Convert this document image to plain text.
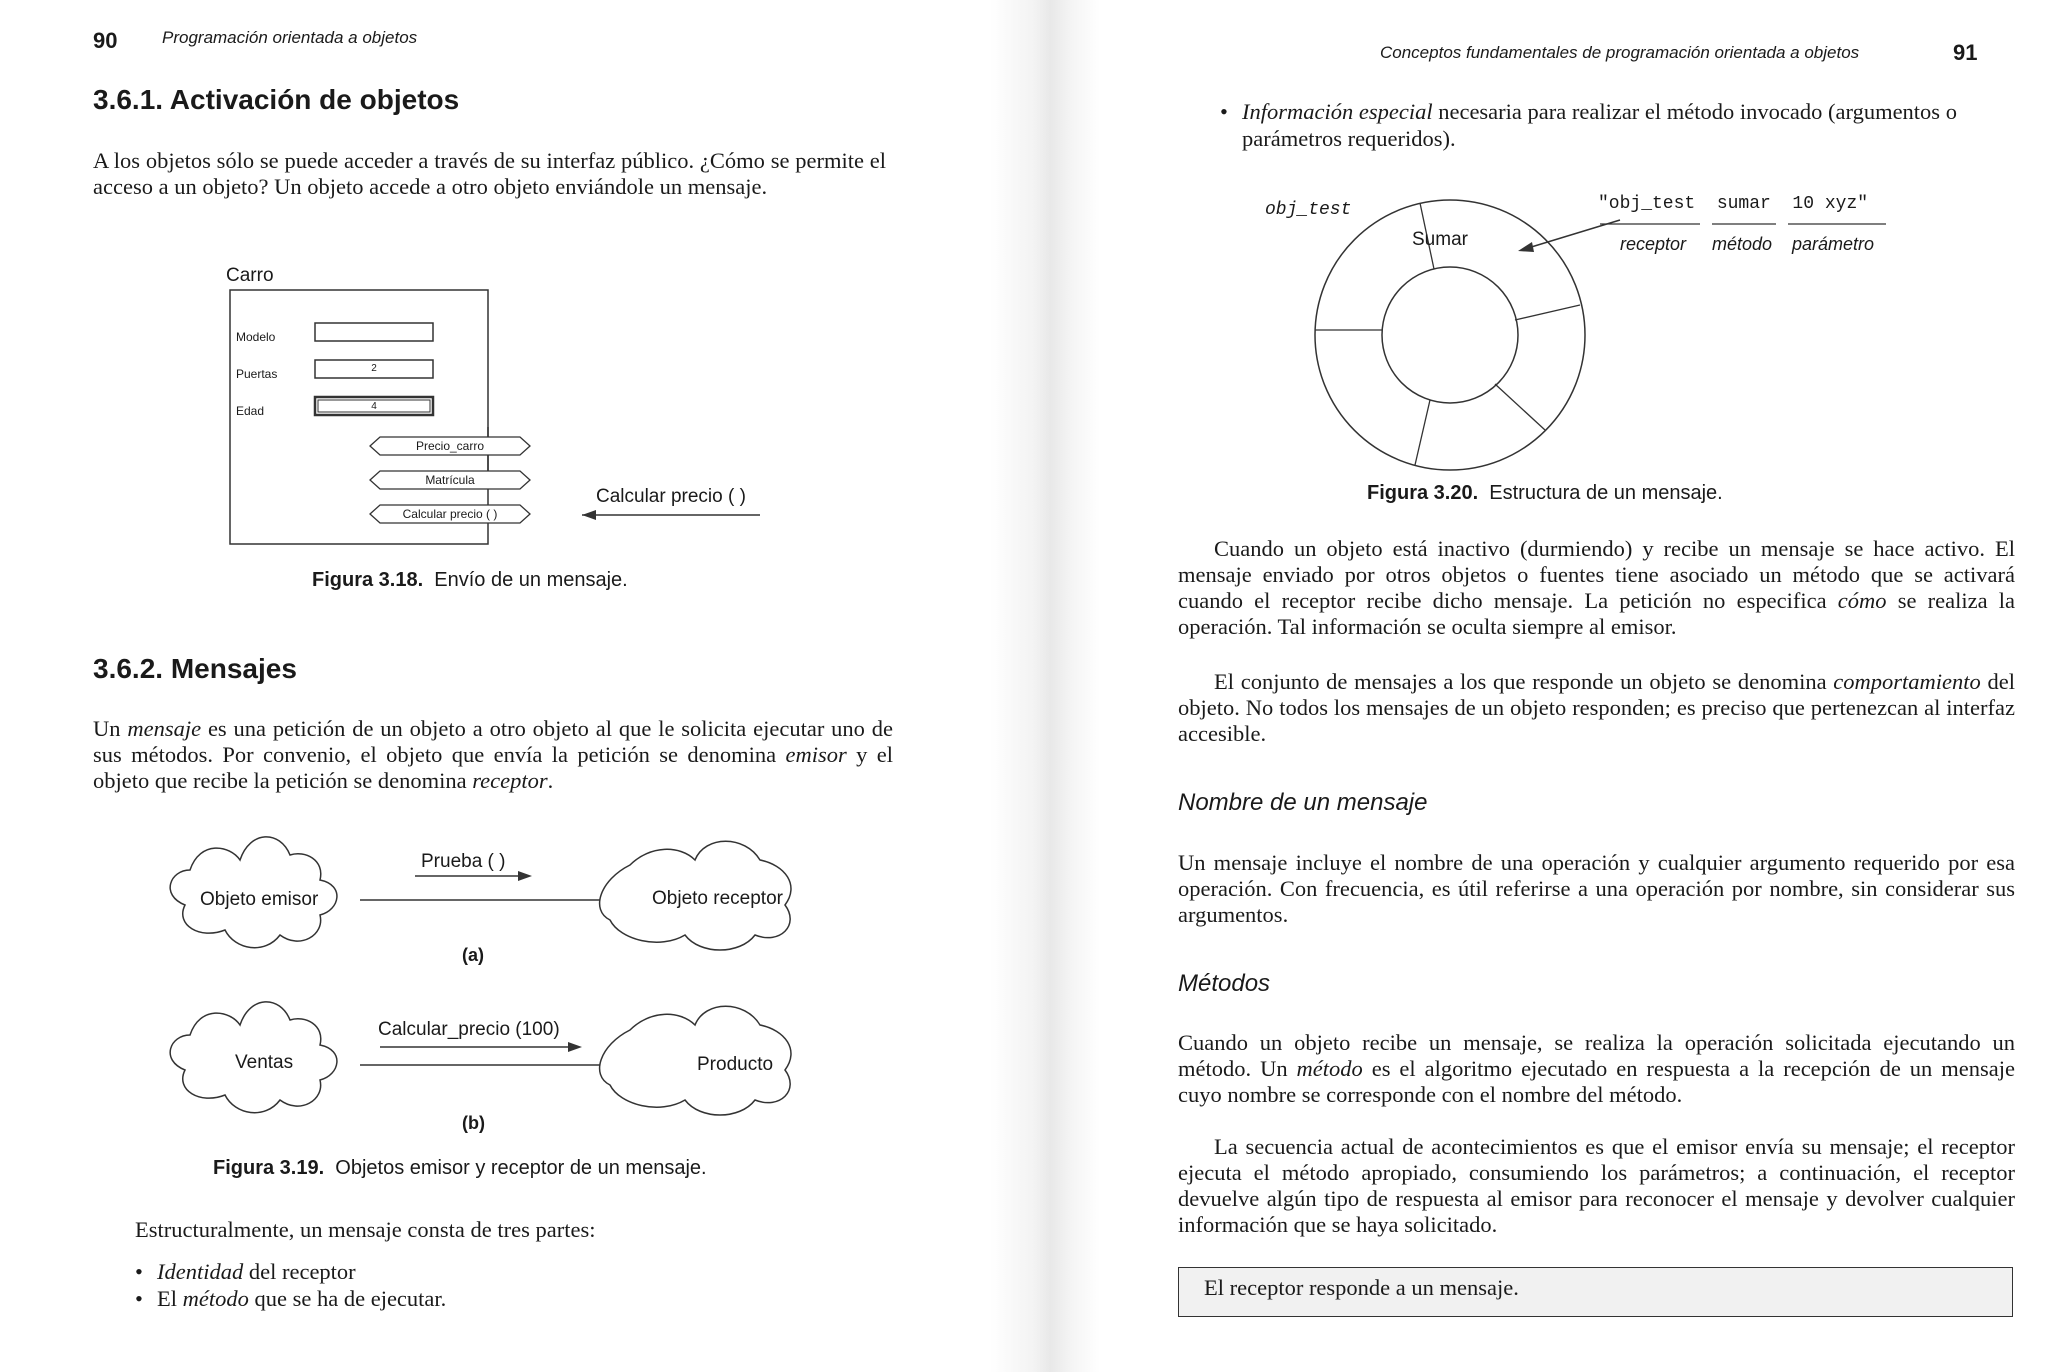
90	Programación orientada a objetos
3.6.1. Activación de objetos

A los objetos sólo se puede acceder a través de su interfaz público. ¿Cómo se permite el acceso a un objeto? Un objeto accede a otro objeto enviándole un mensaje.

Carro
Modelo
Puertas
Edad
2
4
Precio_carro
Matrícula
Calcular precio ( )
Calcular precio ( )
Figura 3.18. Envío de un mensaje.
3.6.2. Mensajes

Un mensaje es una petición de un objeto a otro objeto al que le solicita ejecutar uno de sus métodos. Por convenio, el objeto que envía la petición se denomina emisor y el objeto que recibe la petición se denomina receptor.

Objeto emisor
Prueba ( )
Objeto receptor
(a)
Ventas
Calcular_precio (100)
Producto
(b)
Figura 3.19. Objetos emisor y receptor de un mensaje.

Estructuralmente, un mensaje consta de tres partes:

• Identidad del receptor
• El método que se ha de ejecutar.
Conceptos fundamentales de programación orientada a objetos	91
• Información especial necesaria para realizar el método invocado (argumentos o parámetros requeridos).
obj_test
Sumar
"obj_test  sumar  10 xyz"
receptor método parámetro
Figura 3.20. Estructura de un mensaje.

Cuando un objeto está inactivo (durmiendo) y recibe un mensaje se hace activo. El mensaje enviado por otros objetos o fuentes tiene asociado un método que se activará cuando el receptor recibe dicho mensaje. La petición no especifica cómo se realiza la operación. Tal información se oculta siempre al emisor.

El conjunto de mensajes a los que responde un objeto se denomina comportamiento del objeto. No todos los mensajes de un objeto responden; es preciso que pertenezcan al interfaz accesible.

Nombre de un mensaje

Un mensaje incluye el nombre de una operación y cualquier argumento requerido por esa operación. Con frecuencia, es útil referirse a una operación por nombre, sin considerar sus argumentos.

Métodos

Cuando un objeto recibe un mensaje, se realiza la operación solicitada ejecutando un método. Un método es el algoritmo ejecutado en respuesta a la recepción de un mensaje cuyo nombre se corresponde con el nombre del método.

La secuencia actual de acontecimientos es que el emisor envía su mensaje; el receptor ejecuta el método apropiado, consumiendo los parámetros; a continuación, el receptor devuelve algún tipo de respuesta al emisor para reconocer el mensaje y devolver cualquier información que se haya solicitado.

El receptor responde a un mensaje.
